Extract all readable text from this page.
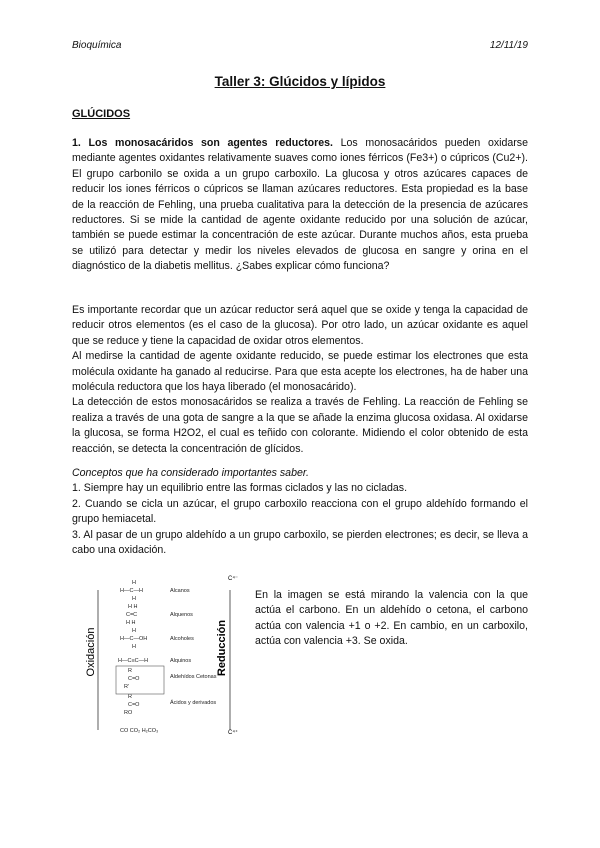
Bioquímica	12/11/19
Taller 3: Glúcidos y lípidos
GLÚCIDOS

1. Los monosacáridos son agentes reductores. Los monosacáridos pueden oxidarse mediante agentes oxidantes relativamente suaves como iones férricos (Fe3+) o cúpricos (Cu2+). El grupo carbonilo se oxida a un grupo carboxilo. La glucosa y otros azúcares capaces de reducir los iones férricos o cúpricos se llaman azúcares reductores. Esta propiedad es la base de la reacción de Fehling, una prueba cualitativa para la detección de la presencia de azúcares reductores. Si se mide la cantidad de agente oxidante reducido por una solución de azúcar, también se puede estimar la concentración de este azúcar. Durante muchos años, esta prueba se utilizó para detectar y medir los niveles elevados de glucosa en sangre y orina en el diagnóstico de la diabetis mellitus. ¿Sabes explicar cómo funciona?

Es importante recordar que un azúcar reductor será aquel que se oxide y tenga la capacidad de reducir otros elementos (es el caso de la glucosa). Por otro lado, un azúcar oxidante es aquel que se reduce y tiene la capacidad de oxidar otros elementos.
Al medirse la cantidad de agente oxidante reducido, se puede estimar los electrones que esta molécula oxidante ha ganado al reducirse. Para que esta acepte los electrones, ha de haber una molécula reductora que los haya liberado (el monosacárido).
La detección de estos monosacáridos se realiza a través de Fehling. La reacción de Fehling se realiza a través de una gota de sangre a la que se añade la enzima glucosa oxidasa. Al oxidarse la glucosa, se forma H2O2, el cual es teñido con colorante. Midiendo el color obtenido de esta reacción, se detecta la concentración de glícidos.

Conceptos que ha considerado importantes saber.
1. Siempre hay un equilibrio entre las formas ciclados y las no cicladas.
2. Cuando se cicla un azúcar, el grupo carboxilo reacciona con el grupo aldehído formando el grupo hemiacetal.
3. Al pasar de un grupo aldehído a un grupo carboxilo, se pierden electrones; es decir, se lleva a cabo una oxidación.

Oxidación	Reducción
C⁴⁻
C⁴⁺
H
H—C—H
H
Alcanos
H H
C=C
H H
Alquenos
H
H—C—OH
H
Alcoholes
H—C≡C—H	Alquinos
R
C=O
R'
Aldehídos Cetonas
R
C=O
RO
Ácidos y derivados
CO CO₂ H₂CO₃

En la imagen se está mirando la valencia con la que actúa el carbono. En un aldehído o cetona, el carbono actúa con valencia +1 o +2. En cambio, en un carboxilo, actúa con valencia +3. Se oxida.
